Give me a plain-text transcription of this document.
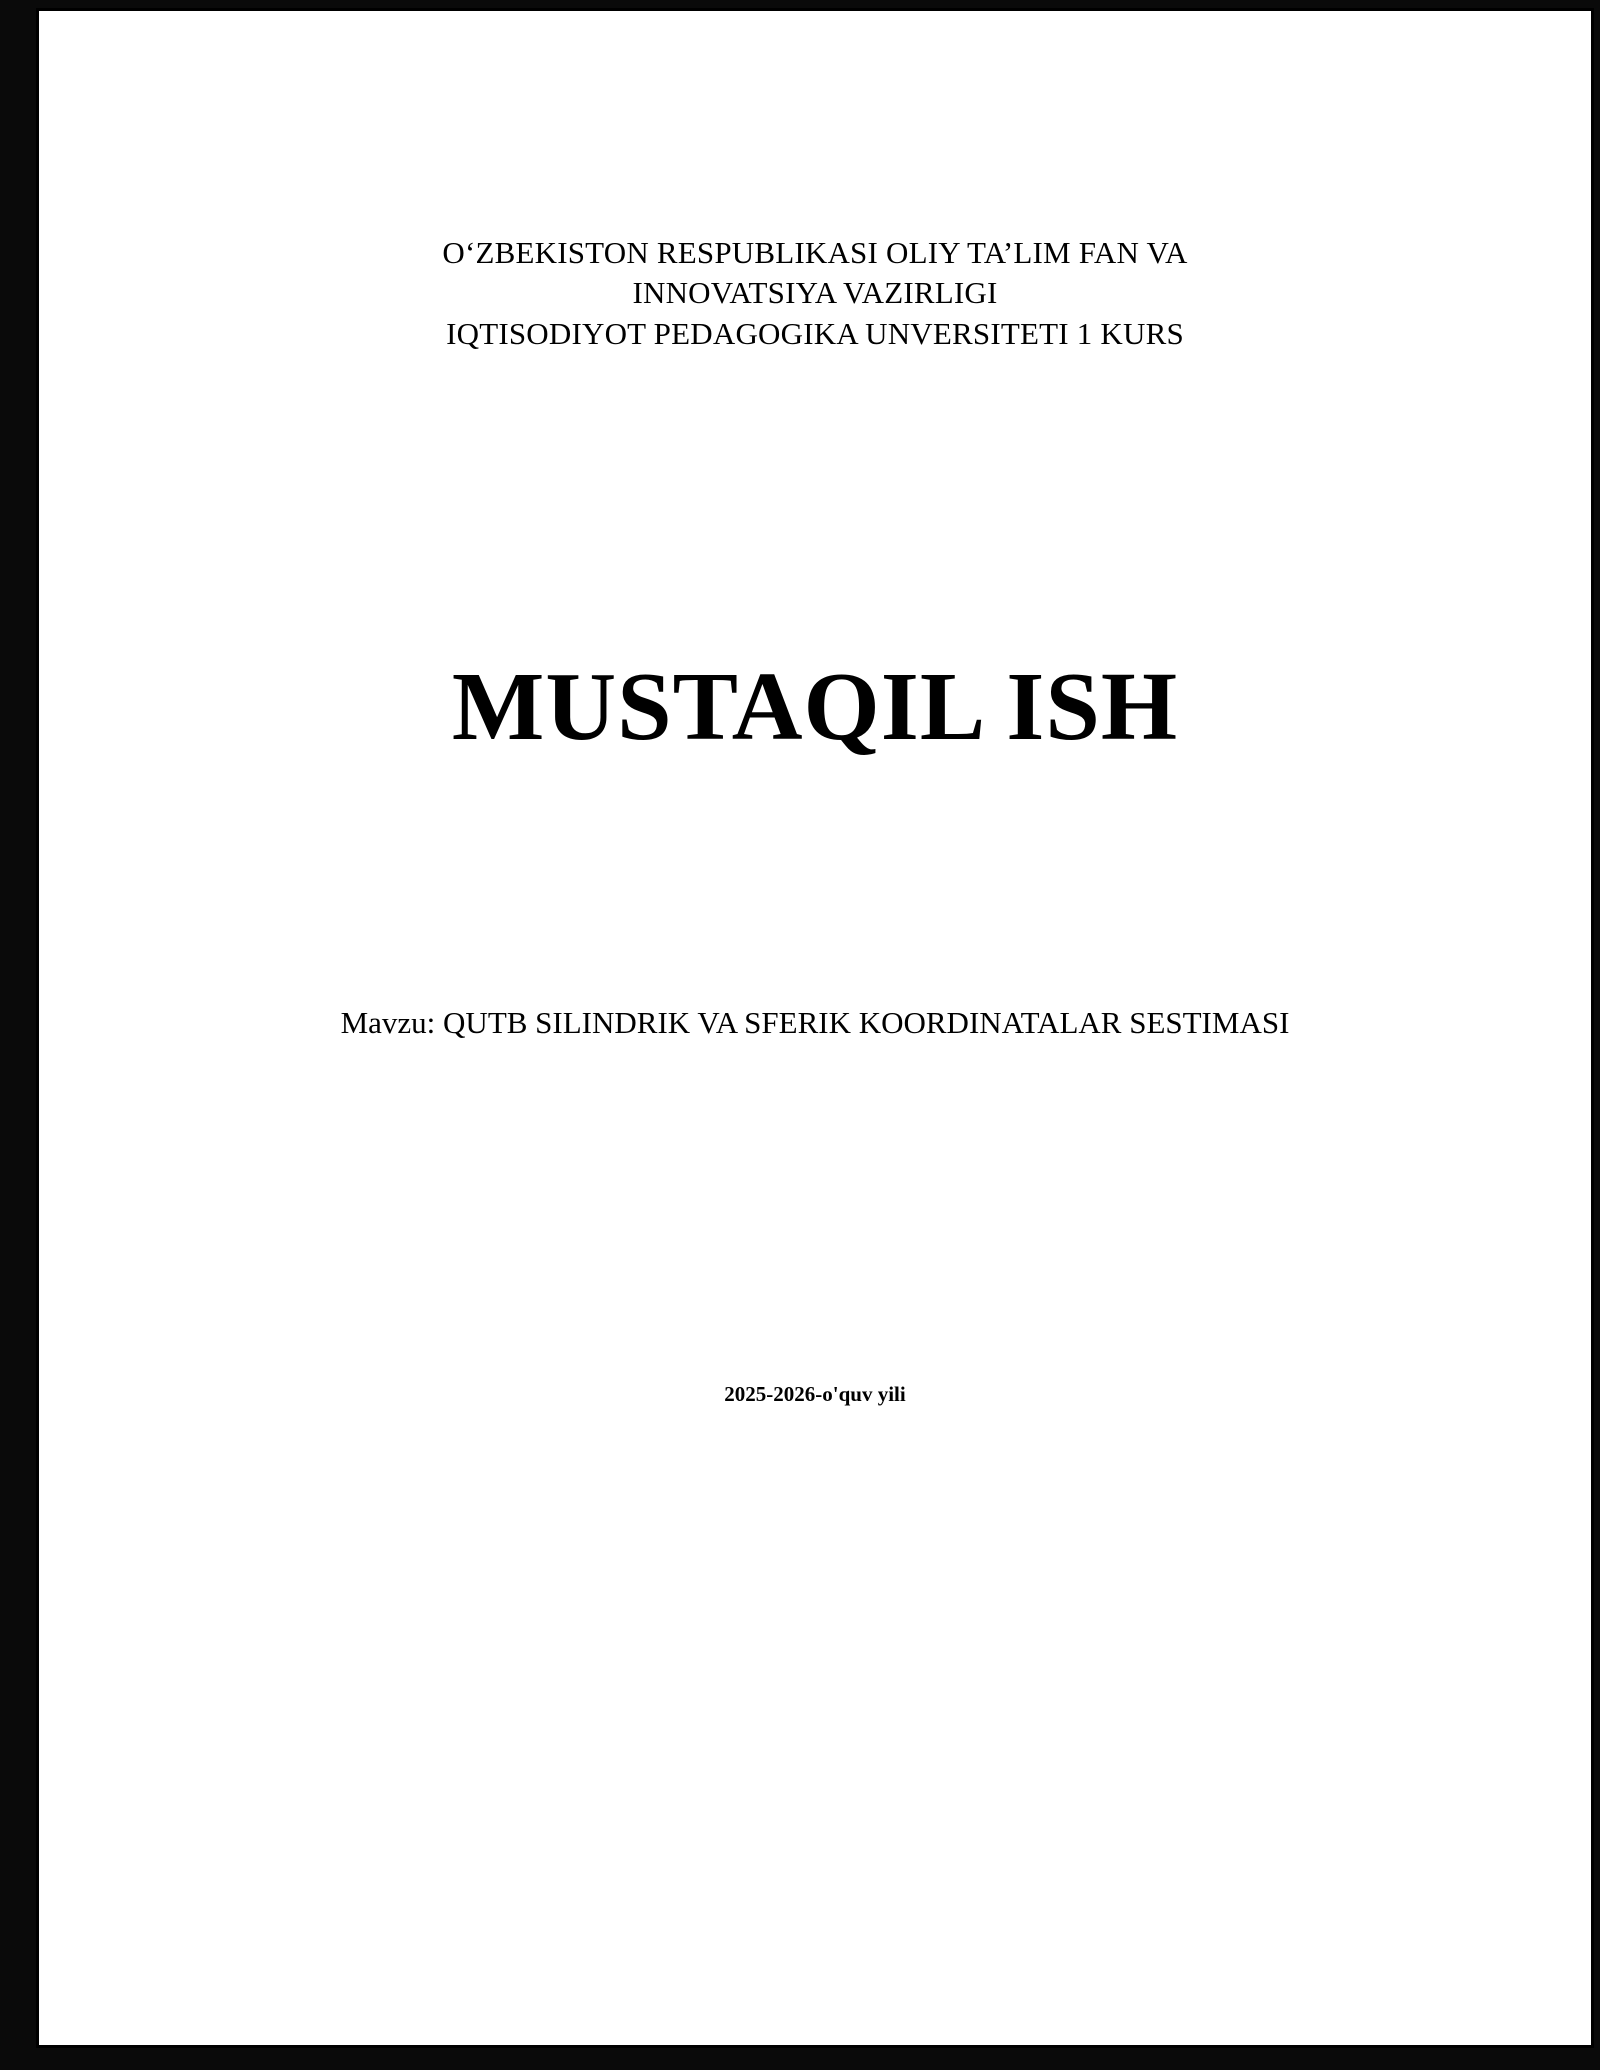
O‘ZBEKISTON RESPUBLIKASI OLIY TA’LIM FAN VA
INNOVATSIYA VAZIRLIGI
IQTISODIYOT PEDAGOGIKA UNVERSITETI 1 KURS
MUSTAQIL ISH
Mavzu: QUTB SILINDRIK VA SFERIK KOORDINATALAR SESTIMASI
2025-2026-o'quv yili
